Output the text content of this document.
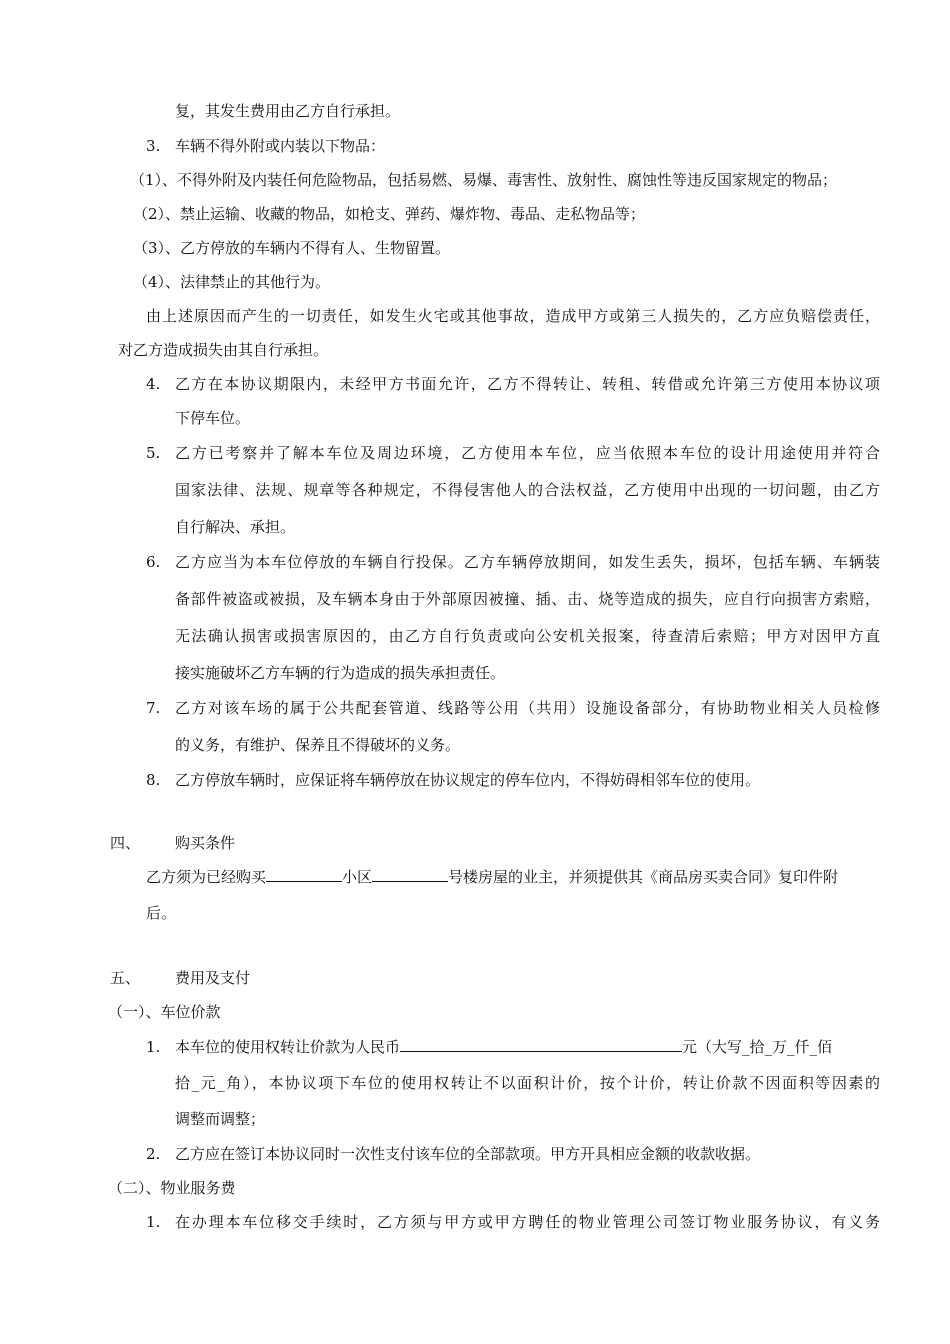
复，其发生费用由乙方自行承担。
3. 车辆不得外附或内装以下物品：
（1）、不得外附及内装任何危险物品，包括易燃、易爆、毒害性、放射性、腐蚀性等违反国家规定的物品；
（2）、禁止运输、收藏的物品，如枪支、弹药、爆炸物、毒品、走私物品等；
（3）、乙方停放的车辆内不得有人、生物留置。
（4）、法律禁止的其他行为。
由上述原因而产生的一切责任，如发生火宅或其他事故，造成甲方或第三人损失的，乙方应负赔偿责任，
对乙方造成损失由其自行承担。
4. 乙方在本协议期限内，未经甲方书面允许，乙方不得转让、转租、转借或允许第三方使用本协议项
下停车位。
5. 乙方已考察并了解本车位及周边环境，乙方使用本车位，应当依照本车位的设计用途使用并符合
国家法律、法规、规章等各种规定，不得侵害他人的合法权益，乙方使用中出现的一切问题，由乙方
自行解决、承担。
6. 乙方应当为本车位停放的车辆自行投保。乙方车辆停放期间，如发生丢失，损坏，包括车辆、车辆装
备部件被盗或被损，及车辆本身由于外部原因被撞、插、击、烧等造成的损失，应自行向损害方索赔，
无法确认损害或损害原因的，由乙方自行负责或向公安机关报案，待查清后索赔；甲方对因甲方直
接实施破坏乙方车辆的行为造成的损失承担责任。
7. 乙方对该车场的属于公共配套管道、线路等公用（共用）设施设备部分，有协助物业相关人员检修
的义务，有维护、保养且不得破坏的义务。
8. 乙方停放车辆时，应保证将车辆停放在协议规定的停车位内，不得妨碍相邻车位的使用。
四、 购买条件
乙方须为已经购买	小区	号楼房屋的业主，并须提供其《商品房买卖合同》复印件附
后。
五、 费用及支付
（一）、车位价款
1. 本车位的使用权转让价款为人民币	元（大写_拾_万_仟_佰
拾_元_角），本协议项下车位的使用权转让不以面积计价，按个计价，转让价款不因面积等因素的
调整而调整；
2. 乙方应在签订本协议同时一次性支付该车位的全部款项。甲方开具相应金额的收款收据。
（二）、物业服务费
1. 在办理本车位移交手续时，乙方须与甲方或甲方聘任的物业管理公司签订物业服务协议，有义务
